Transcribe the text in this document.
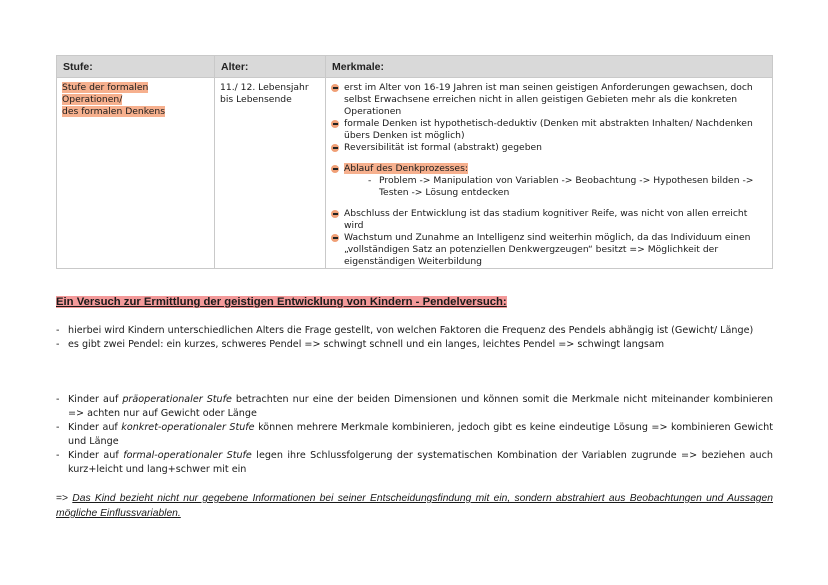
Stufe:	Alter:	Merkmale:
Stufe der formalen Operationen/
des formalen Denkens
11./ 12. Lebensjahr
bis Lebensende
erst im Alter von 16-19 Jahren ist man seinen geistigen Anforderungen gewachsen, doch
selbst Erwachsene erreichen nicht in allen geistigen Gebieten mehr als die konkreten
Operationen
formale Denken ist hypothetisch-deduktiv (Denken mit abstrakten Inhalten/ Nachdenken
übers Denken ist möglich)
Reversibilität ist formal (abstrakt) gegeben
Ablauf des Denkprozesses:
- Problem -> Manipulation von Variablen -> Beobachtung -> Hypothesen bilden ->
Testen -> Lösung entdecken
Abschluss der Entwicklung ist das stadium kognitiver Reife, was nicht von allen erreicht wird
Wachstum und Zunahme an Intelligenz sind weiterhin möglich, da das Individuum einen
„vollständigen Satz an potenziellen Denkwergzeugen“ besitzt => Möglichkeit der
eigenständigen Weiterbildung
Ein Versuch zur Ermittlung der geistigen Entwicklung von Kindern - Pendelversuch:
- hierbei wird Kindern unterschiedlichen Alters die Frage gestellt, von welchen Faktoren die Frequenz des Pendels abhängig ist (Gewicht/ Länge)
- es gibt zwei Pendel: ein kurzes, schweres Pendel => schwingt schnell und ein langes, leichtes Pendel => schwingt langsam
- Kinder auf präoperationaler Stufe betrachten nur eine der beiden Dimensionen und können somit die Merkmale nicht miteinander kombinieren => achten nur auf Gewicht oder Länge
- Kinder auf konkret-operationaler Stufe können mehrere Merkmale kombinieren, jedoch gibt es keine eindeutige Lösung => kombinieren Gewicht und Länge
- Kinder auf formal-operationaler Stufe legen ihre Schlussfolgerung der systematischen Kombination der Variablen zugrunde => beziehen auch kurz+leicht und lang+schwer mit ein
=> Das Kind bezieht nicht nur gegebene Informationen bei seiner Entscheidungsfindung mit ein, sondern abstrahiert aus Beobachtungen und Aussagen mögliche Einflussvariablen.
